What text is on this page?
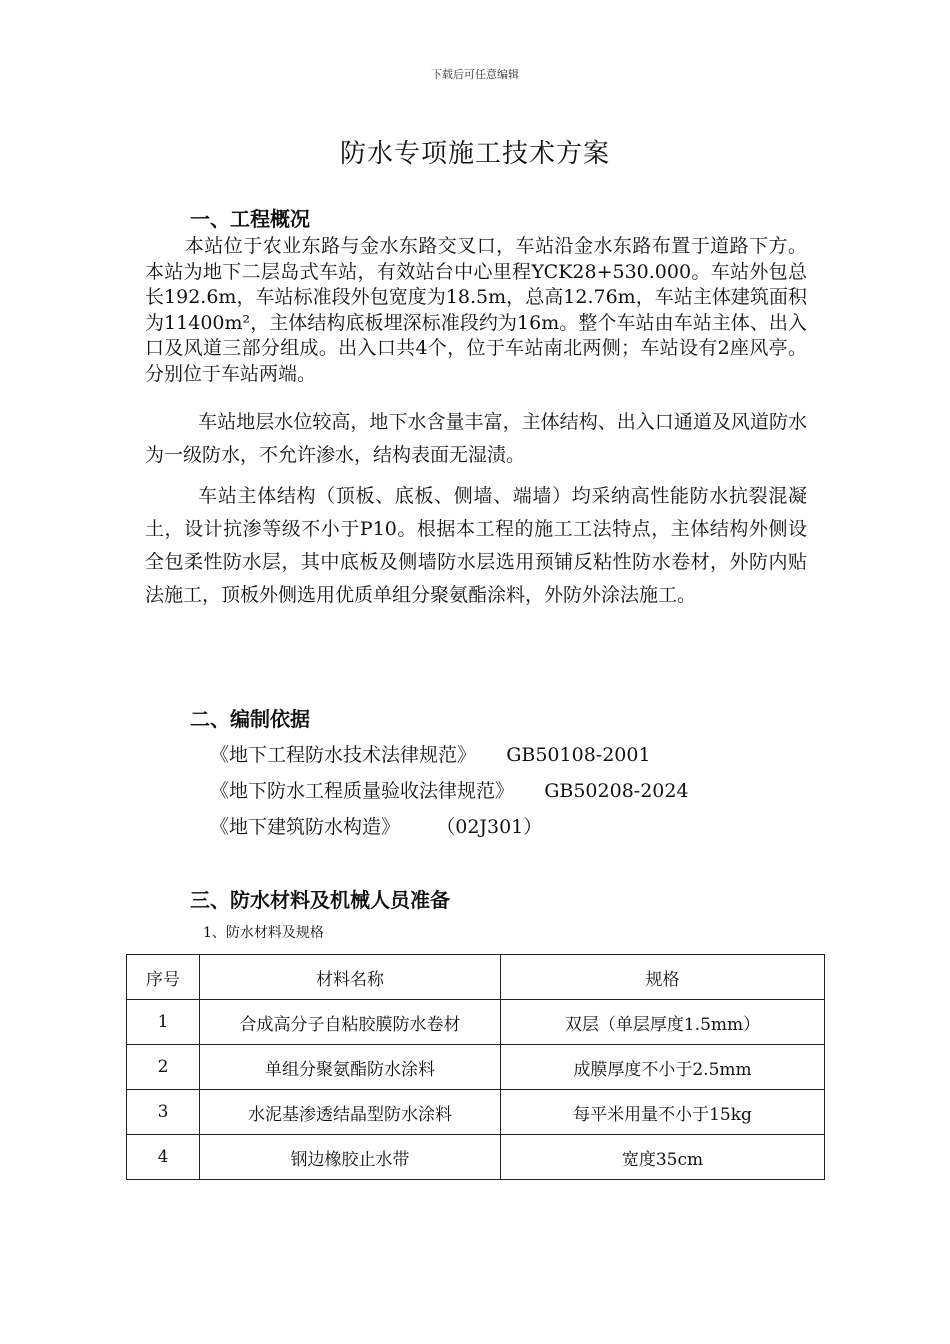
下载后可任意编辑
防水专项施工技术方案
一、工程概况

本站位于农业东路与金水东路交叉口，车站沿金水东路布置于道路下方。本站为地下二层岛式车站，有效站台中心里程YCK28+530.000。车站外包总长192.6m，车站标准段外包宽度为18.5m，总高12.76m，车站主体建筑面积为11400m²，主体结构底板埋深标准段约为16m。整个车站由车站主体、出入口及风道三部分组成。出入口共4个，位于车站南北两侧；车站设有2座风亭。分别位于车站两端。

车站地层水位较高，地下水含量丰富，主体结构、出入口通道及风道防水为一级防水，不允许渗水，结构表面无湿渍。

车站主体结构（顶板、底板、侧墙、端墙）均采纳高性能防水抗裂混凝土，设计抗渗等级不小于P10。根据本工程的施工工法特点，主体结构外侧设全包柔性防水层，其中底板及侧墙防水层选用预铺反粘性防水卷材，外防内贴法施工，顶板外侧选用优质单组分聚氨酯涂料，外防外涂法施工。

二、编制依据
《地下工程防水技术法律规范》     GB50108-2001
《地下防水工程质量验收法律规范》     GB50208-2024
《地下建筑防水构造》      （02J301）
三、防水材料及机械人员准备
1、防水材料及规格
序号	材料名称	规格
1	合成高分子自粘胶膜防水卷材	双层（单层厚度1.5mm）
2	单组分聚氨酯防水涂料	成膜厚度不小于2.5mm
3	水泥基渗透结晶型防水涂料	每平米用量不小于15kg
4	钢边橡胶止水带	宽度35cm
